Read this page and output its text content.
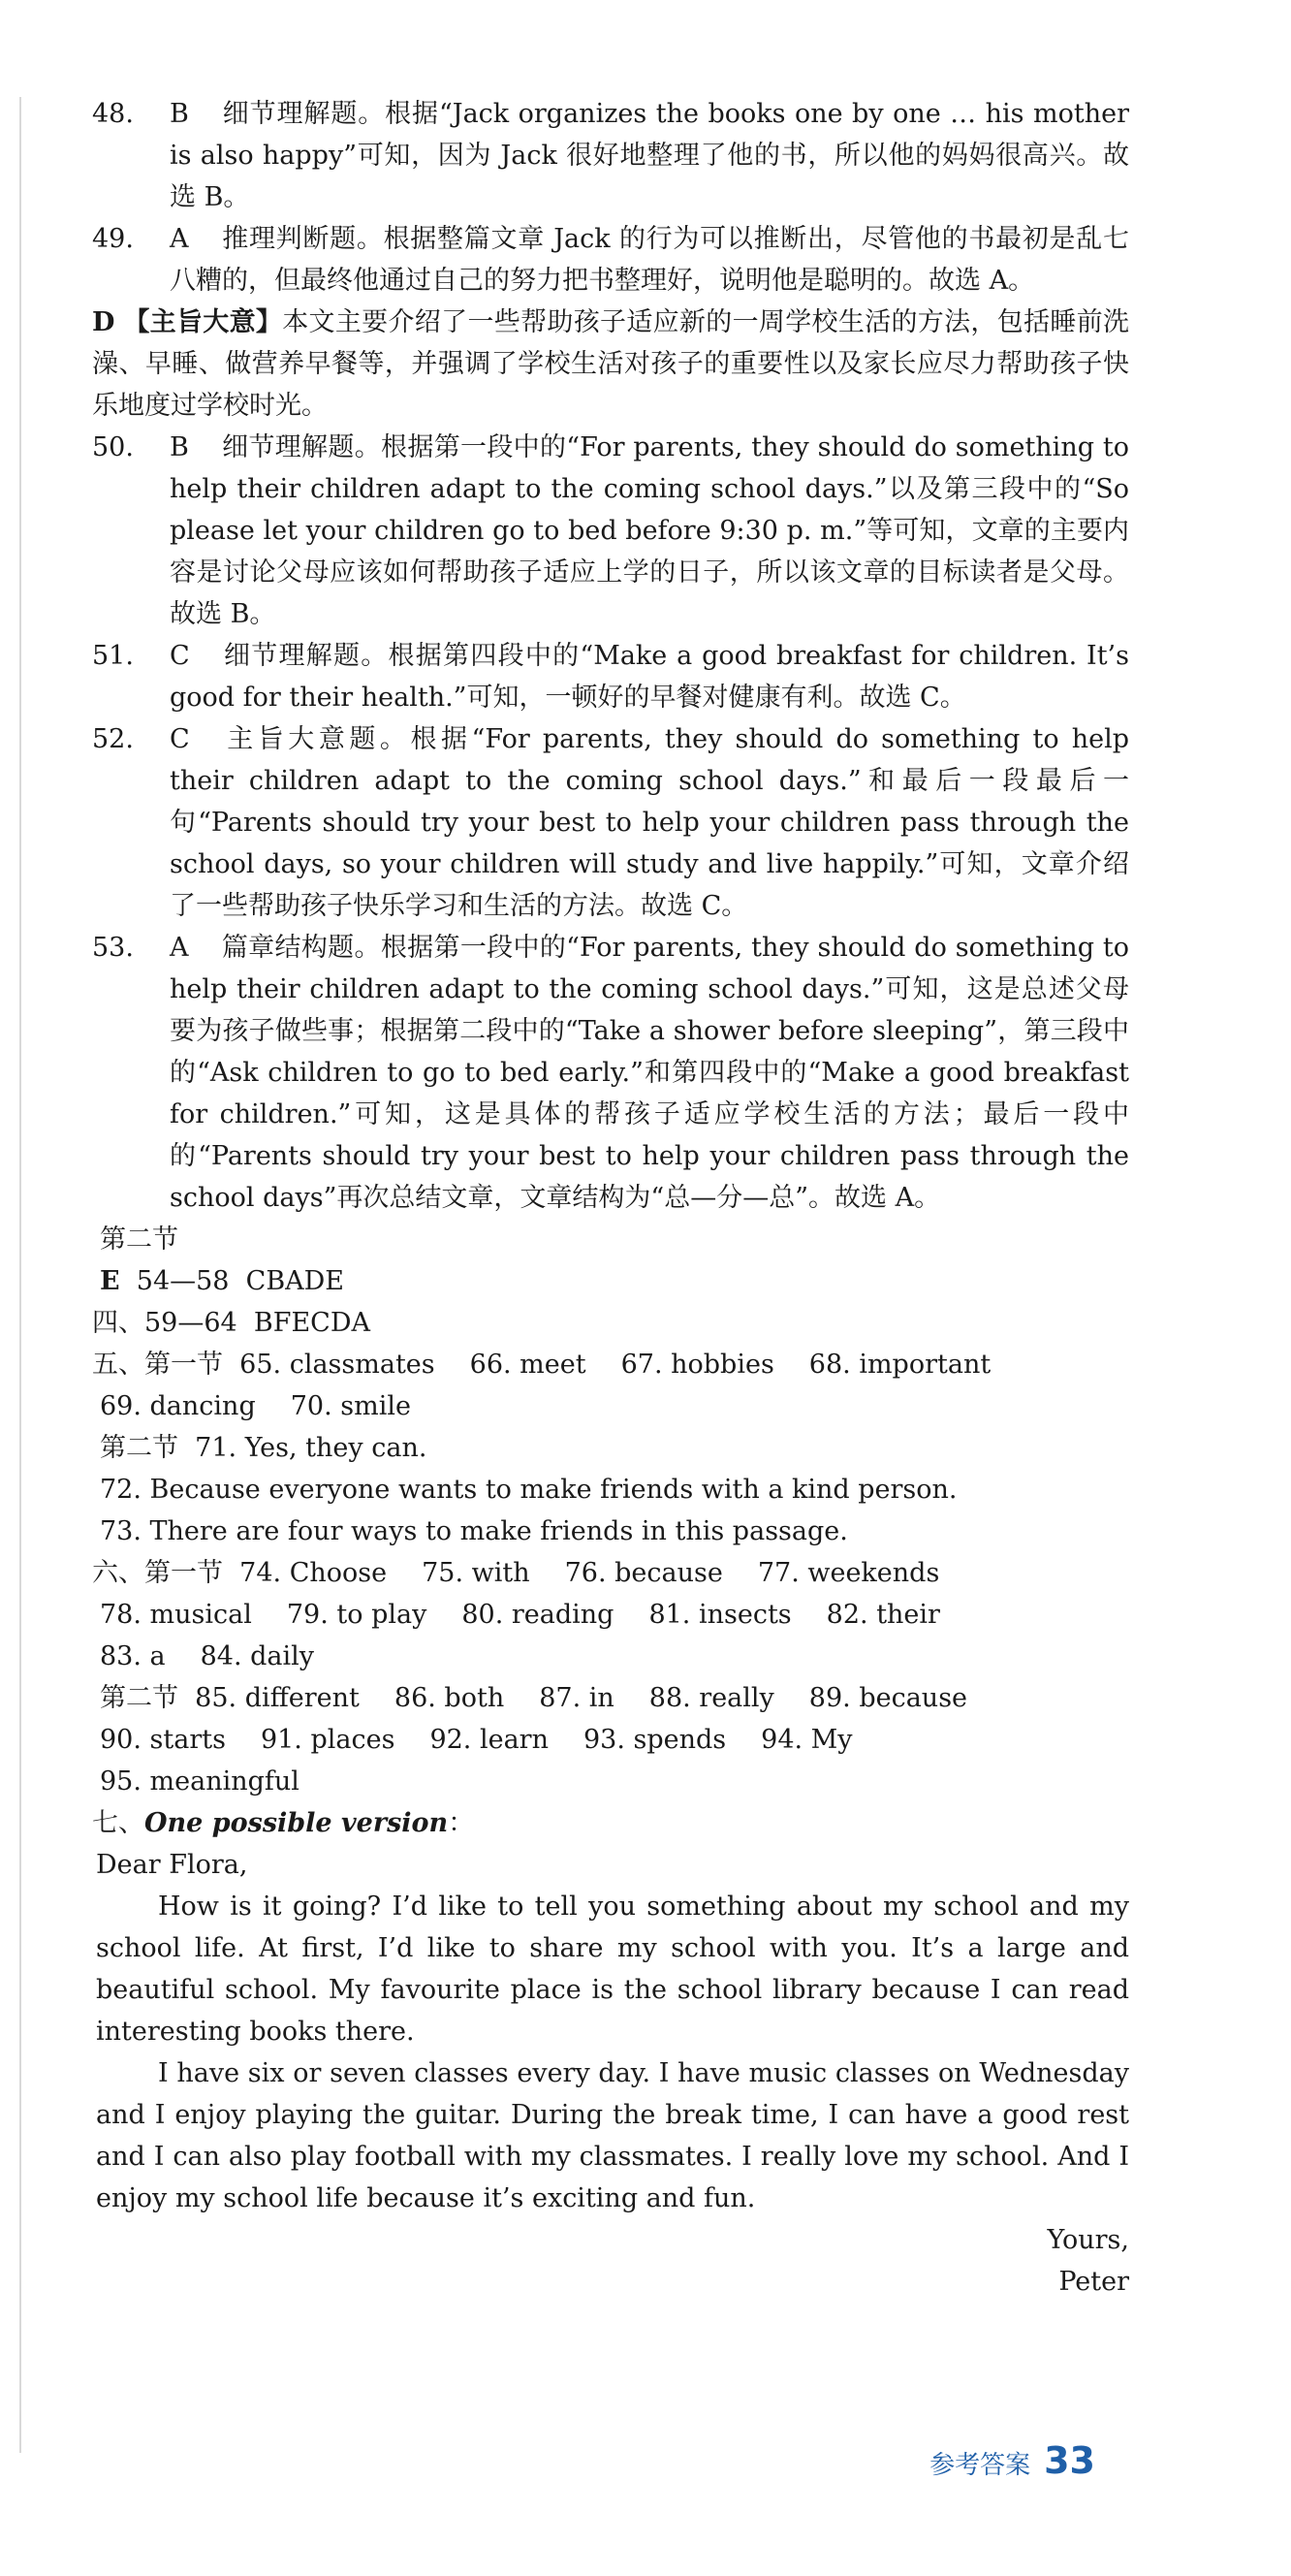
48.	B 细节理解题。根据“Jack organizes the books one by one … his mother is also happy”可知，因为 Jack 很好地整理了他的书，所以他的妈妈很高兴。故选 B。
49.	A 推理判断题。根据整篇文章 Jack 的行为可以推断出，尽管他的书最初是乱七八糟的，但最终他通过自己的努力把书整理好，说明他是聪明的。故选 A。
D 【主旨大意】本文主要介绍了一些帮助孩子适应新的一周学校生活的方法，包括睡前洗澡、早睡、做营养早餐等，并强调了学校生活对孩子的重要性以及家长应尽力帮助孩子快乐地度过学校时光。
50.	B 细节理解题。根据第一段中的“For parents, they should do something to help their children adapt to the coming school days.”以及第三段中的“So please let your children go to bed before 9:30 p. m.”等可知，文章的主要内容是讨论父母应该如何帮助孩子适应上学的日子，所以该文章的目标读者是父母。故选 B。
51.	C 细节理解题。根据第四段中的“Make a good breakfast for children. It’s good for their health.”可知，一顿好的早餐对健康有利。故选 C。
52.	C 主旨大意题。根据“For parents, they should do something to help their children adapt to the coming school days.”和最后一段最后一句“Parents should try your best to help your children pass through the school days, so your children will study and live happily.”可知，文章介绍了一些帮助孩子快乐学习和生活的方法。故选 C。
53.	A 篇章结构题。根据第一段中的“For parents, they should do something to help their children adapt to the coming school days.”可知，这是总述父母要为孩子做些事；根据第二段中的“Take a shower before sleeping”，第三段中的“Ask children to go to bed early.”和第四段中的“Make a good breakfast for children.”可知，这是具体的帮孩子适应学校生活的方法；最后一段中的“Parents should try your best to help your children pass through the school days”再次总结文章，文章结构为“总—分—总”。故选 A。
第二节
E 54—58 CBADE
四、59—64 BFECDA
五、第一节 65. classmates 66. meet 67. hobbies 68. important
69. dancing 70. smile
第二节 71. Yes, they can.
72. Because everyone wants to make friends with a kind person.
73. There are four ways to make friends in this passage.
六、第一节 74. Choose 75. with 76. because 77. weekends
78. musical 79. to play 80. reading 81. insects 82. their
83. a 84. daily
第二节 85. different 86. both 87. in 88. really 89. because
90. starts 91. places 92. learn 93. spends 94. My
95. meaningful
七、One possible version：
Dear Flora,
How is it going? I’d like to tell you something about my school and my school life. At first, I’d like to share my school with you. It’s a large and beautiful school. My favourite place is the school library because I can read interesting books there.
I have six or seven classes every day. I have music classes on Wednesday and I enjoy playing the guitar. During the break time, I can have a good rest and I can also play football with my classmates. I really love my school. And I enjoy my school life because it’s exciting and fun.
Yours,
Peter
参考答案 33
